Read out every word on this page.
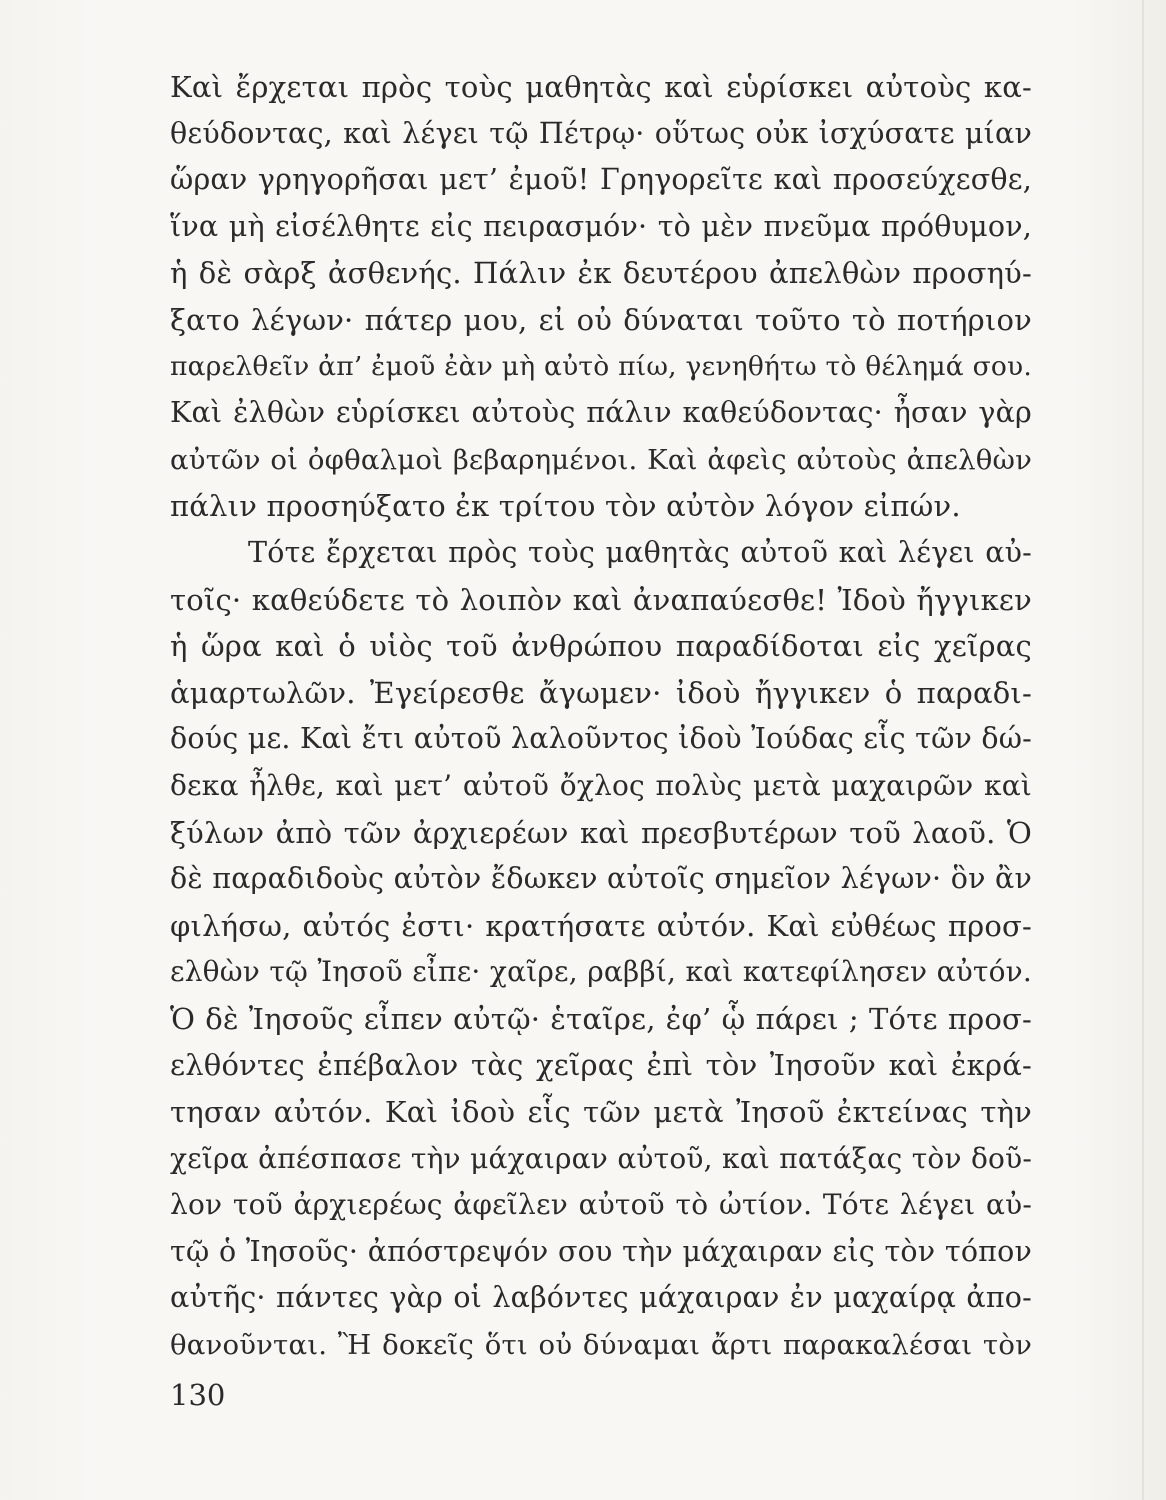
Καὶ ἔρχεται πρὸς τοὺς μαθητὰς καὶ εὑρίσκει αὐτοὺς κα-
θεύδοντας, καὶ λέγει τῷ Πέτρῳ· οὕτως οὐκ ἰσχύσατε μίαν
ὥραν γρηγορῆσαι μετ’ ἐμοῦ! Γρηγορεῖτε καὶ προσεύχεσθε,
ἵνα μὴ εἰσέλθητε εἰς πειρασμόν· τὸ μὲν πνεῦμα πρόθυμον,
ἡ δὲ σὰρξ ἀσθενής. Πάλιν ἐκ δευτέρου ἀπελθὼν προσηύ-
ξατο λέγων· πάτερ μου, εἰ οὐ δύναται τοῦτο τὸ ποτήριον
παρελθεῖν ἀπ’ ἐμοῦ ἐὰν μὴ αὐτὸ πίω, γενηθήτω τὸ θέλημά σου.
Καὶ ἐλθὼν εὑρίσκει αὐτοὺς πάλιν καθεύδοντας· ἦσαν γὰρ
αὐτῶν οἱ ὀφθαλμοὶ βεβαρημένοι. Καὶ ἀφεὶς αὐτοὺς ἀπελθὼν
πάλιν προσηύξατο ἐκ τρίτου τὸν αὐτὸν λόγον εἰπών.
Τότε ἔρχεται πρὸς τοὺς μαθητὰς αὐτοῦ καὶ λέγει αὐ-
τοῖς· καθεύδετε τὸ λοιπὸν καὶ ἀναπαύεσθε! Ἰδοὺ ἤγγικεν
ἡ ὥρα καὶ ὁ υἱὸς τοῦ ἀνθρώπου παραδίδοται εἰς χεῖρας
ἁμαρτωλῶν. Ἐγείρεσθε ἄγωμεν· ἰδοὺ ἤγγικεν ὁ παραδι-
δούς με. Καὶ ἔτι αὐτοῦ λαλοῦντος ἰδοὺ Ἰούδας εἷς τῶν δώ-
δεκα ἦλθε, καὶ μετ’ αὐτοῦ ὄχλος πολὺς μετὰ μαχαιρῶν καὶ
ξύλων ἀπὸ τῶν ἀρχιερέων καὶ πρεσβυτέρων τοῦ λαοῦ. Ὁ
δὲ παραδιδοὺς αὐτὸν ἔδωκεν αὐτοῖς σημεῖον λέγων· ὃν ἂν
φιλήσω, αὐτός ἐστι· κρατήσατε αὐτόν. Καὶ εὐθέως προσ-
ελθὼν τῷ Ἰησοῦ εἶπε· χαῖρε, ραββί, καὶ κατεφίλησεν αὐτόν.
Ὁ δὲ Ἰησοῦς εἶπεν αὐτῷ· ἑταῖρε, ἐφ’ ᾧ πάρει ; Τότε προσ-
ελθόντες ἐπέβαλον τὰς χεῖρας ἐπὶ τὸν Ἰησοῦν καὶ ἐκρά-
τησαν αὐτόν. Καὶ ἰδοὺ εἷς τῶν μετὰ Ἰησοῦ ἐκτείνας τὴν
χεῖρα ἀπέσπασε τὴν μάχαιραν αὐτοῦ, καὶ πατάξας τὸν δοῦ-
λον τοῦ ἀρχιερέως ἀφεῖλεν αὐτοῦ τὸ ὠτίον. Τότε λέγει αὐ-
τῷ ὁ Ἰησοῦς· ἀπόστρεψόν σου τὴν μάχαιραν εἰς τὸν τόπον
αὐτῆς· πάντες γὰρ οἱ λαβόντες μάχαιραν ἐν μαχαίρᾳ ἀπο-
θανοῦνται. Ἢ δοκεῖς ὅτι οὐ δύναμαι ἄρτι παρακαλέσαι τὸν
130
